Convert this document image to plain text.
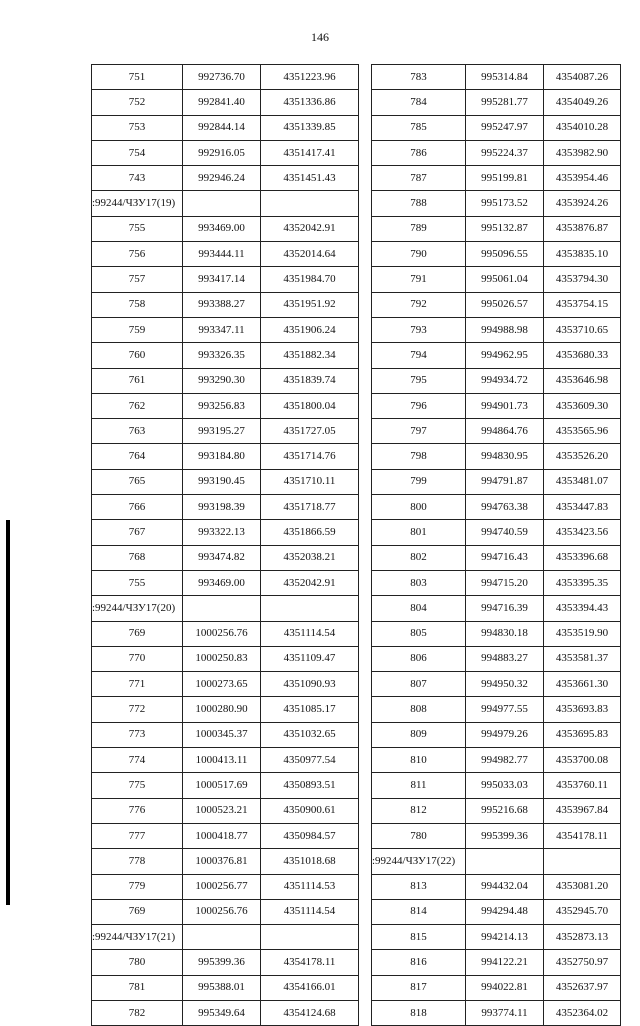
146
751	992736.70	4351223.96
752	992841.40	4351336.86
753	992844.14	4351339.85
754	992916.05	4351417.41
743	992946.24	4351451.43
:99244/ЧЗУ17(19)		
755	993469.00	4352042.91
756	993444.11	4352014.64
757	993417.14	4351984.70
758	993388.27	4351951.92
759	993347.11	4351906.24
760	993326.35	4351882.34
761	993290.30	4351839.74
762	993256.83	4351800.04
763	993195.27	4351727.05
764	993184.80	4351714.76
765	993190.45	4351710.11
766	993198.39	4351718.77
767	993322.13	4351866.59
768	993474.82	4352038.21
755	993469.00	4352042.91
:99244/ЧЗУ17(20)		
769	1000256.76	4351114.54
770	1000250.83	4351109.47
771	1000273.65	4351090.93
772	1000280.90	4351085.17
773	1000345.37	4351032.65
774	1000413.11	4350977.54
775	1000517.69	4350893.51
776	1000523.21	4350900.61
777	1000418.77	4350984.57
778	1000376.81	4351018.68
779	1000256.77	4351114.53
769	1000256.76	4351114.54
:99244/ЧЗУ17(21)		
780	995399.36	4354178.11
781	995388.01	4354166.01
782	995349.64	4354124.68
783	995314.84	4354087.26
784	995281.77	4354049.26
785	995247.97	4354010.28
786	995224.37	4353982.90
787	995199.81	4353954.46
788	995173.52	4353924.26
789	995132.87	4353876.87
790	995096.55	4353835.10
791	995061.04	4353794.30
792	995026.57	4353754.15
793	994988.98	4353710.65
794	994962.95	4353680.33
795	994934.72	4353646.98
796	994901.73	4353609.30
797	994864.76	4353565.96
798	994830.95	4353526.20
799	994791.87	4353481.07
800	994763.38	4353447.83
801	994740.59	4353423.56
802	994716.43	4353396.68
803	994715.20	4353395.35
804	994716.39	4353394.43
805	994830.18	4353519.90
806	994883.27	4353581.37
807	994950.32	4353661.30
808	994977.55	4353693.83
809	994979.26	4353695.83
810	994982.77	4353700.08
811	995033.03	4353760.11
812	995216.68	4353967.84
780	995399.36	4354178.11
:99244/ЧЗУ17(22)		
813	994432.04	4353081.20
814	994294.48	4352945.70
815	994214.13	4352873.13
816	994122.21	4352750.97
817	994022.81	4352637.97
818	993774.11	4352364.02
